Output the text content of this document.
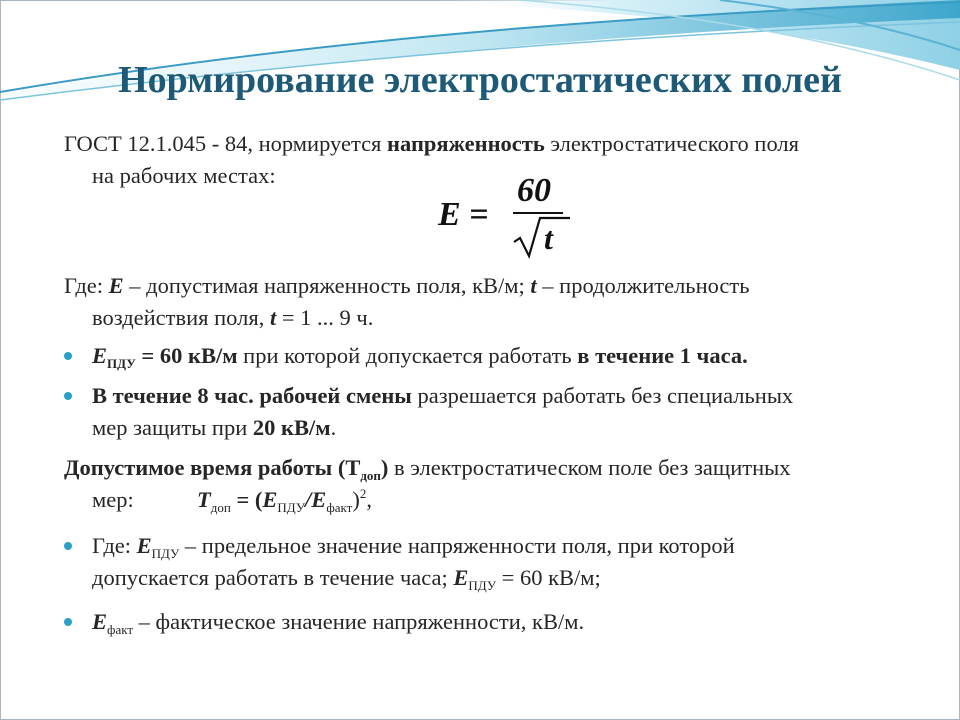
Нормирование электростатических полей
ГОСТ 12.1.045 - 84, нормируется напряженность электростатического поля
на рабочих местах:
E =
60
t
Где: E – допустимая напряженность поля, кВ/м; t – продолжительность
воздействия поля, t = 1 ... 9 ч.
$E_{ПДУ} = 60$ кВ/м при которой допускается работать в течение 1 часа.
В течение 8 час. рабочей смены разрешается работать без специальных
мер защиты при 20 кВ/м.
Допустимое время работы $(Т_{доп})$ в электростатическом поле без защитных
мер:	$T_{доп} = (E_{ПДУ}/E_{факт})^2$,
Где: $E_{ПДУ}$ – предельное значение напряженности поля, при которой
допускается работать в течение часа; $E_{ПДУ} = 60$ кВ/м;
$E_{факт}$ – фактическое значение напряженности, кВ/м.
